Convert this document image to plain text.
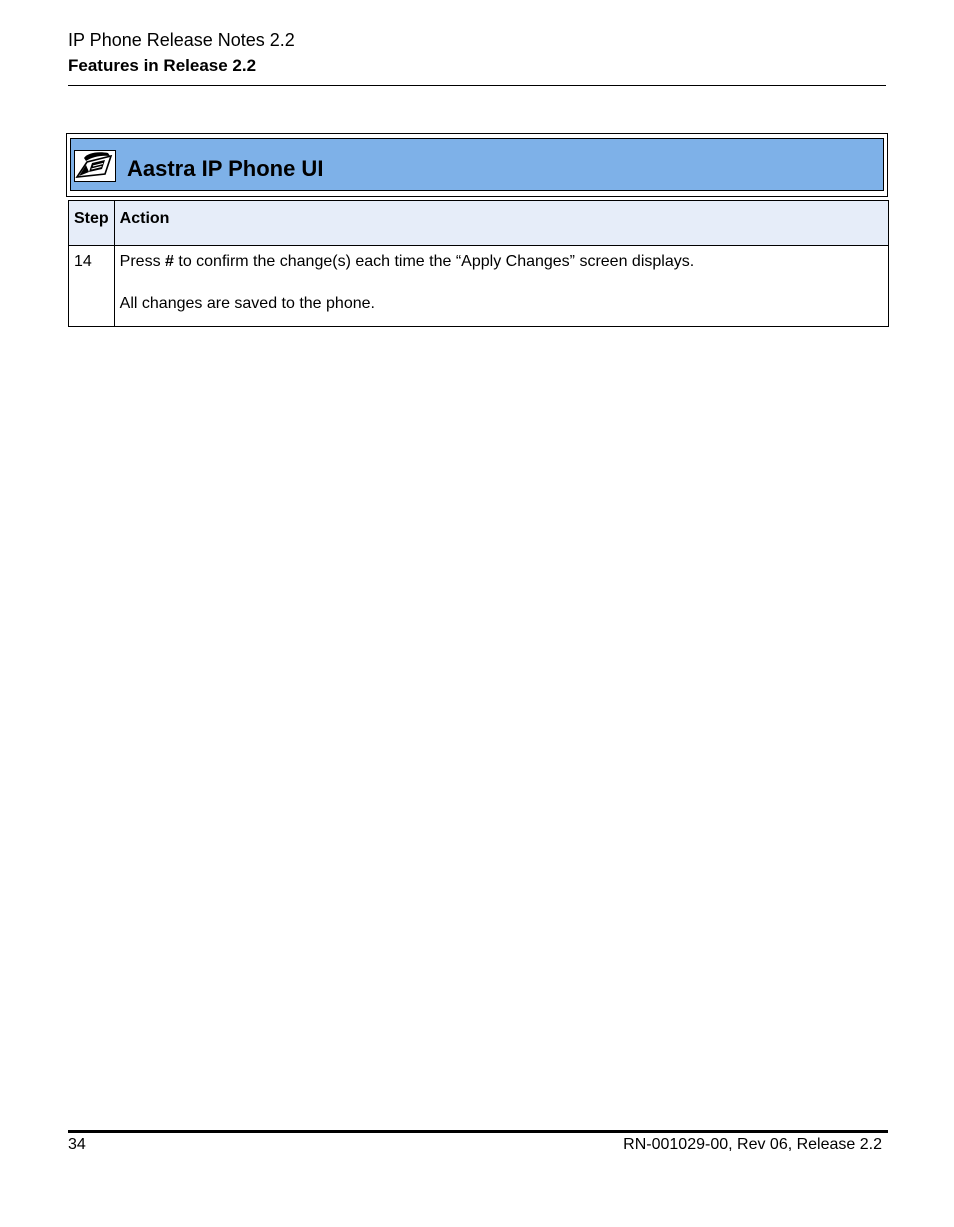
IP Phone Release Notes 2.2
Features in Release 2.2
Aastra IP Phone UI
Step	Action
14	Press # to confirm the change(s) each time the “Apply Changes” screen displays.
All changes are saved to the phone.
34	RN-001029-00, Rev 06, Release 2.2
